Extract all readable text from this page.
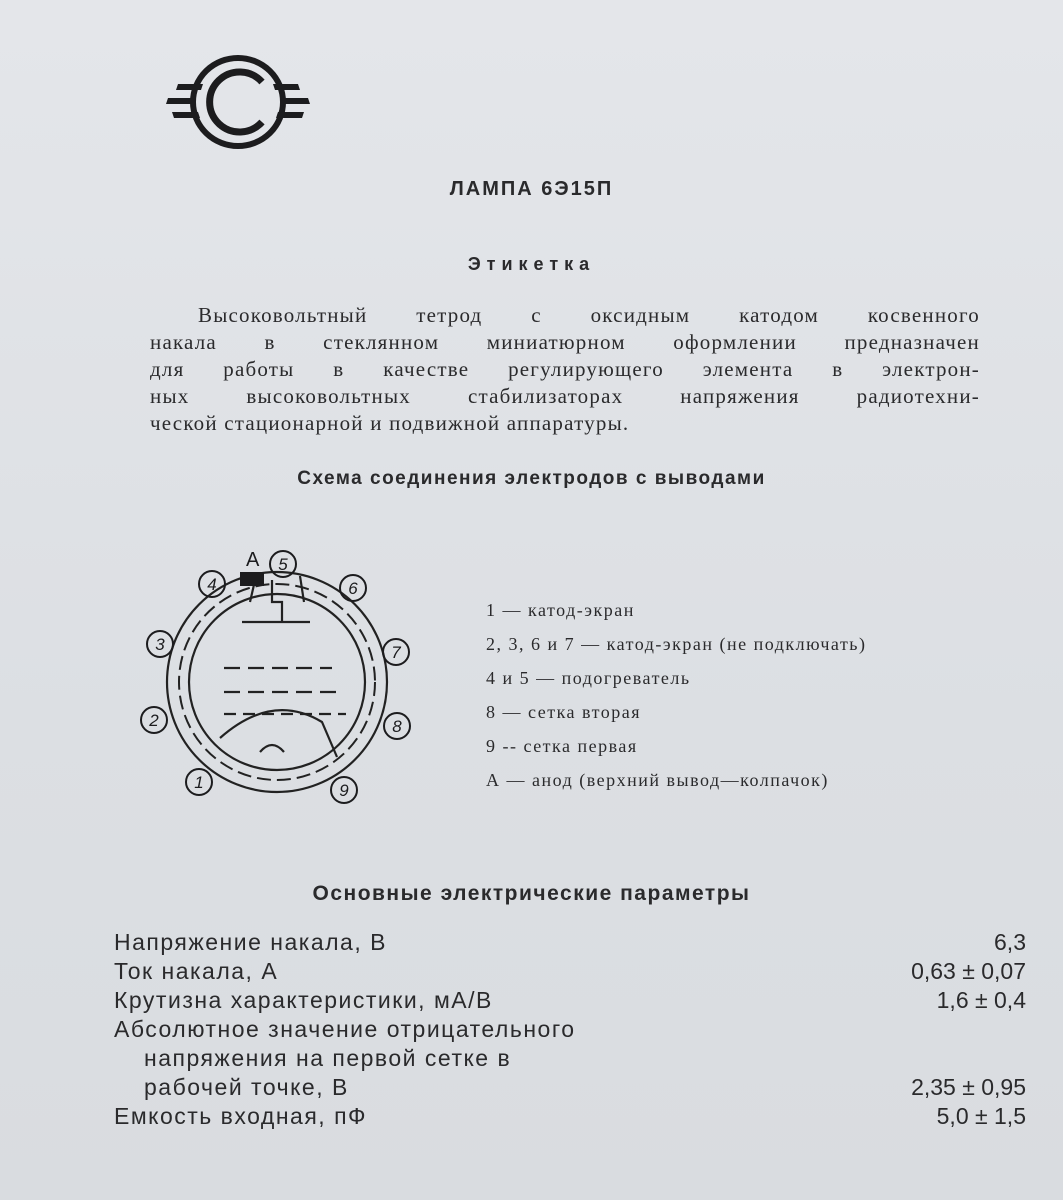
ЛАМПА 6Э15П
Этикетка
Высоковольтный тетрод с оксидным катодом косвенного
накала в стеклянном миниатюрном оформлении предназначен
для работы в качестве регулирующего элемента в электрон-
ных высоковольтных стабилизаторах напряжения радиотехни-
ческой стационарной и подвижной аппаратуры.
Схема соединения электродов с выводами
А
1
2
3
4
5
6
7
8
9
1 — катод-экран
2, 3, 6 и 7 — катод-экран (не подключать)
4 и 5 — подогреватель
8 — сетка вторая
9 -- сетка первая
А — анод (верхний вывод—колпачок)
Основные электрические параметры
Напряжение накала, В	6,3
Ток накала, А	0,63 ± 0,07
Крутизна характеристики, мА/В	1,6 ± 0,4
Абсолютное значение отрицательного
напряжения на первой сетке в
рабочей точке, В	2,35 ± 0,95
Емкость входная, пФ	5,0 ± 1,5
